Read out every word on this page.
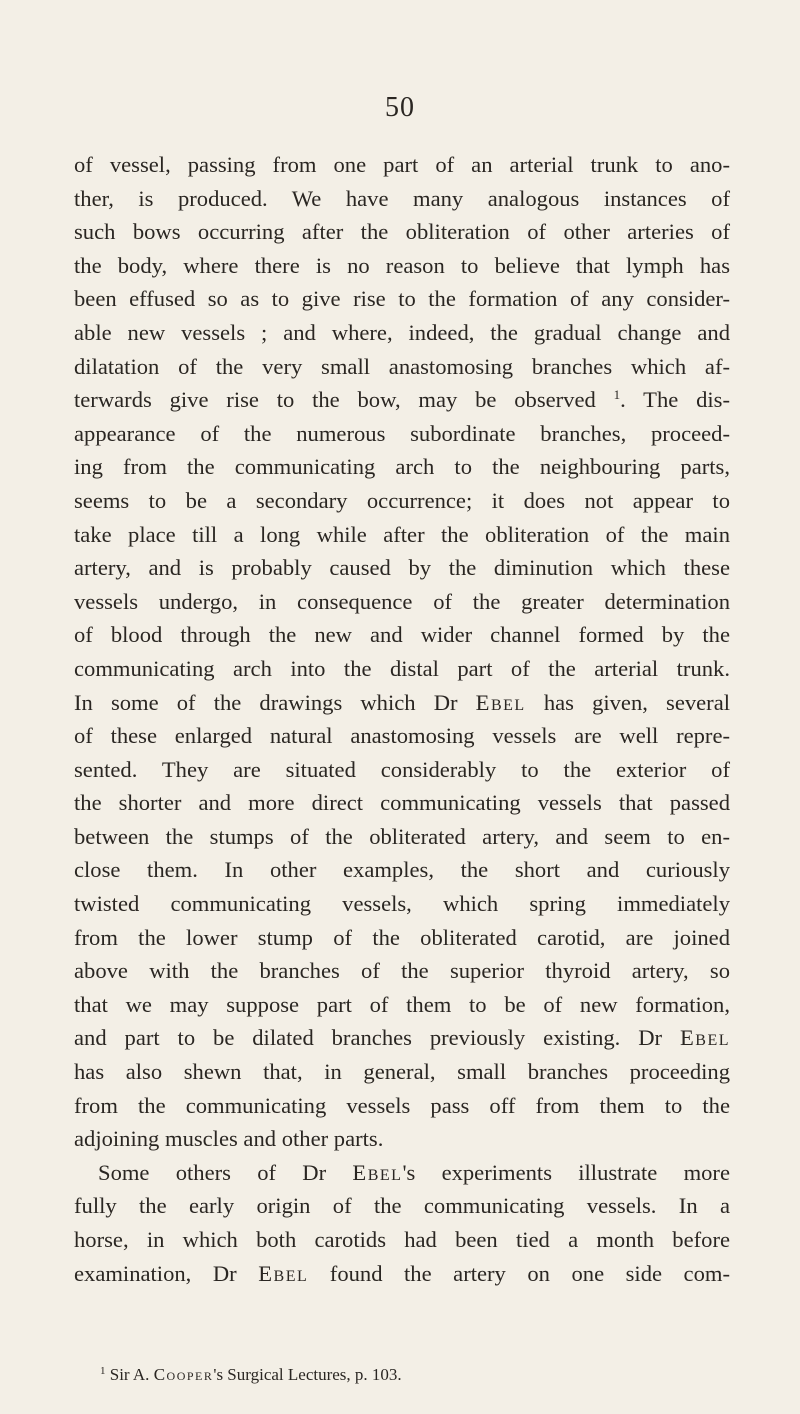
50
of vessel, passing from one part of an arterial trunk to ano-
ther, is produced. We have many analogous instances of
such bows occurring after the obliteration of other arteries of
the body, where there is no reason to believe that lymph has
been effused so as to give rise to the formation of any consider-
able new vessels ; and where, indeed, the gradual change and
dilatation of the very small anastomosing branches which af-
terwards give rise to the bow, may be observed $^1$. The dis-
appearance of the numerous subordinate branches, proceed-
ing from the communicating arch to the neighbouring parts,
seems to be a secondary occurrence; it does not appear to
take place till a long while after the obliteration of the main
artery, and is probably caused by the diminution which these
vessels undergo, in consequence of the greater determination
of blood through the new and wider channel formed by the
communicating arch into the distal part of the arterial trunk.
In some of the drawings which Dr Ebel has given, several
of these enlarged natural anastomosing vessels are well repre-
sented. They are situated considerably to the exterior of
the shorter and more direct communicating vessels that passed
between the stumps of the obliterated artery, and seem to en-
close them. In other examples, the short and curiously
twisted communicating vessels, which spring immediately
from the lower stump of the obliterated carotid, are joined
above with the branches of the superior thyroid artery, so
that we may suppose part of them to be of new formation,
and part to be dilated branches previously existing. Dr Ebel
has also shewn that, in general, small branches proceeding
from the communicating vessels pass off from them to the
adjoining muscles and other parts.
Some others of Dr Ebel's experiments illustrate more
fully the early origin of the communicating vessels. In a
horse, in which both carotids had been tied a month before
examination, Dr Ebel found the artery on one side com-
$^1$ Sir A. Cooper's Surgical Lectures, p. 103.
